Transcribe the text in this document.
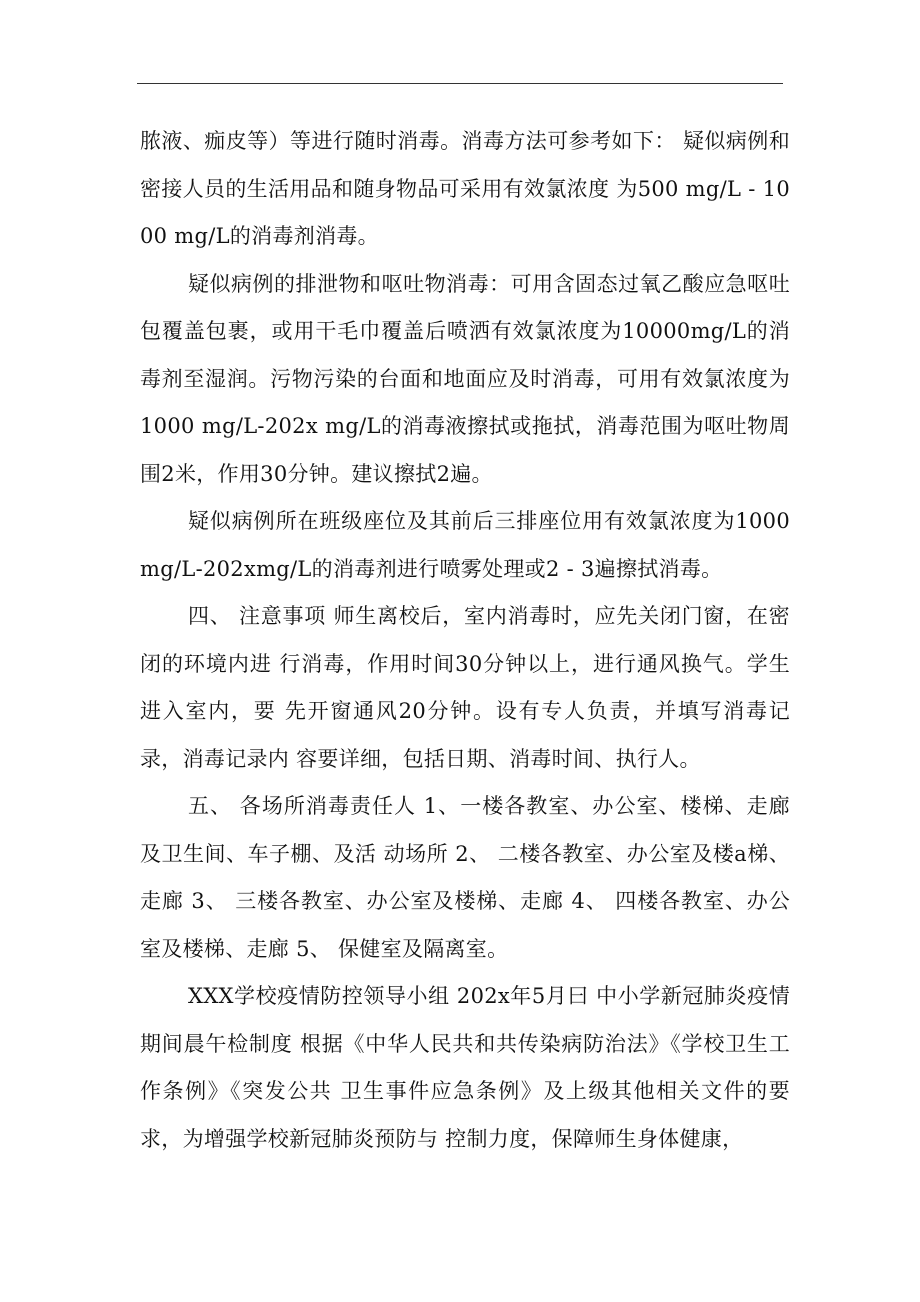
脓液、痂皮等）等进行随时消毒。消毒方法可参考如下： 疑似病例和密接人员的生活用品和随身物品可采用有效氯浓度 为500 mg/L - 1000 mg/L的消毒剂消毒。

疑似病例的排泄物和呕吐物消毒：可用含固态过氧乙酸应急呕吐包覆盖包裹，或用干毛巾覆盖后喷洒有效氯浓度为10000mg/L的消毒剂至湿润。污物污染的台面和地面应及时消毒，可用有效氯浓度为1000 mg/L-202x mg/L的消毒液擦拭或拖拭，消毒范围为呕吐物周围2米，作用30分钟。建议擦拭2遍。

疑似病例所在班级座位及其前后三排座位用有效氯浓度为1000mg/L-202xmg/L的消毒剂进行喷雾处理或2 - 3遍擦拭消毒。

四、 注意事项 师生离校后，室内消毒时，应先关闭门窗，在密闭的环境内进 行消毒，作用时间30分钟以上，进行通风换气。学生进入室内，要 先开窗通风20分钟。设有专人负责，并填写消毒记录，消毒记录内 容要详细，包括日期、消毒时间、执行人。

五、 各场所消毒责任人 1、一楼各教室、办公室、楼梯、走廊及卫生间、车子棚、及活 动场所 2、 二楼各教室、办公室及楼a梯、走廊 3、 三楼各教室、办公室及楼梯、走廊 4、 四楼各教室、办公室及楼梯、走廊 5、 保健室及隔离室。

XXX学校疫情防控领导小组 202x年5月曰 中小学新冠肺炎疫情期间晨午检制度 根据《中华人民共和共传染病防治法》《学校卫生工作条例》《突发公共 卫生事件应急条例》及上级其他相关文件的要求，为增强学校新冠肺炎预防与 控制力度，保障师生身体健康，
